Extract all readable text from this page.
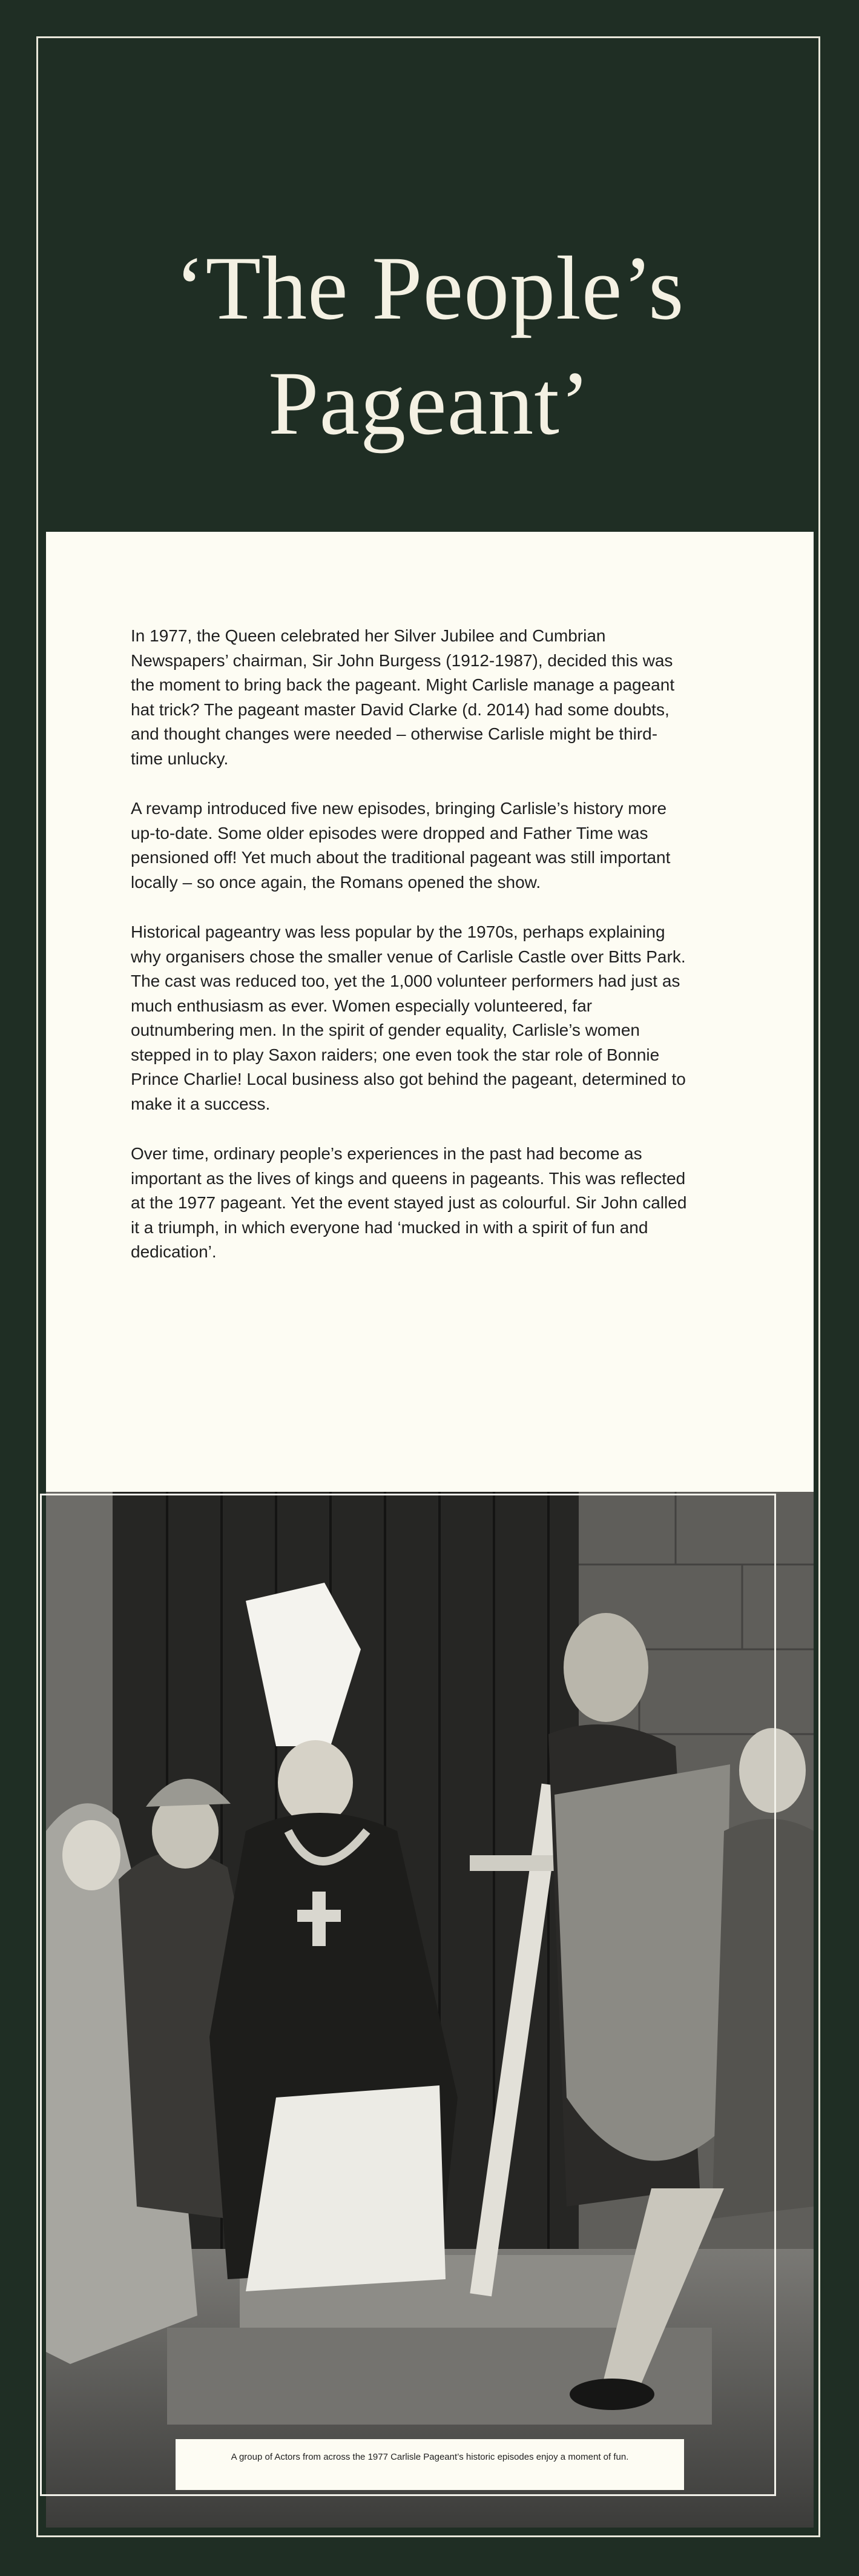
‘The People’s
Pageant’

In 1977, the Queen celebrated her Silver Jubilee and Cumbrian Newspapers’ chairman, Sir John Burgess (1912-1987), decided this was the moment to bring back the pageant. Might Carlisle manage a pageant hat trick? The pageant master David Clarke (d. 2014) had some doubts, and thought changes were needed – otherwise Carlisle might be third-time unlucky.

A revamp introduced five new episodes, bringing Carlisle’s history more up-to-date. Some older episodes were dropped and Father Time was pensioned off! Yet much about the traditional pageant was still important locally – so once again, the Romans opened the show.

Historical pageantry was less popular by the 1970s, perhaps explaining why organisers chose the smaller venue of Carlisle Castle over Bitts Park. The cast was reduced too, yet the 1,000 volunteer performers had just as much enthusiasm as ever. Women especially volunteered, far outnumbering men. In the spirit of gender equality, Carlisle’s women stepped in to play Saxon raiders; one even took the star role of Bonnie Prince Charlie! Local business also got behind the pageant, determined to make it a success.

Over time, ordinary people’s experiences in the past had become as important as the lives of kings and queens in pageants. This was reflected at the 1977 pageant. Yet the event stayed just as colourful. Sir John called it a triumph, in which everyone had ‘mucked in with a spirit of fun and dedication’.

A group of Actors from across the 1977 Carlisle Pageant’s historic episodes enjoy a moment of fun.
